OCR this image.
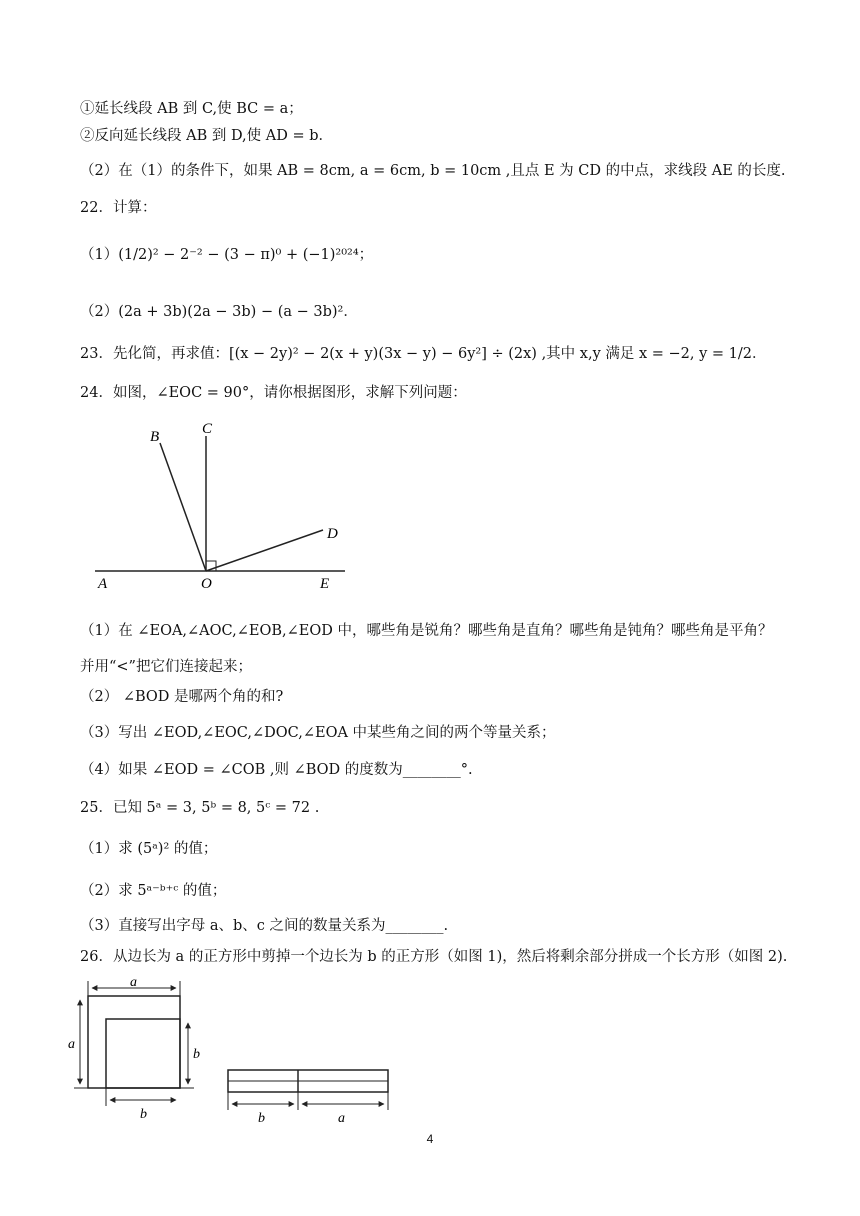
①延长线段 AB 到 C,使 BC = a；
②反向延长线段 AB 到 D,使 AD = b．
（2）在（1）的条件下，如果 AB = 8cm, a = 6cm, b = 10cm ,且点 E 为 CD 的中点，求线段 AE 的长度.
22．计算：
（1）(1/2)² − 2⁻² − (3 − π)⁰ + (−1)²⁰²⁴；
（2）(2a + 3b)(2a − 3b) − (a − 3b)²．
23．先化简，再求值：[(x − 2y)² − 2(x + y)(3x − y) − 6y²] ÷ (2x) ,其中 x,y 满足 x = −2, y = 1/2．
24．如图，∠EOC = 90°，请你根据图形，求解下列问题：
B	C
D
A	O	E
（1）在 ∠EOA,∠AOC,∠EOB,∠EOD 中，哪些角是锐角？哪些角是直角？哪些角是钝角？哪些角是平角？
并用“<”把它们连接起来；
（2） ∠BOD 是哪两个角的和?
（3）写出 ∠EOD,∠EOC,∠DOC,∠EOA 中某些角之间的两个等量关系；
（4）如果 ∠EOD = ∠COB ,则 ∠BOD 的度数为________°.
25．已知 5ᵃ = 3, 5ᵇ = 8, 5ᶜ = 72 .
（1）求 (5ᵃ)² 的值；
（2）求 5ᵃ⁻ᵇ⁺ᶜ 的值；
（3）直接写出字母 a、b、c 之间的数量关系为________.
26．从边长为 a 的正方形中剪掉一个边长为 b 的正方形（如图 1)，然后将剩余部分拼成一个长方形（如图 2).
a
a
b
b	b	a
4
